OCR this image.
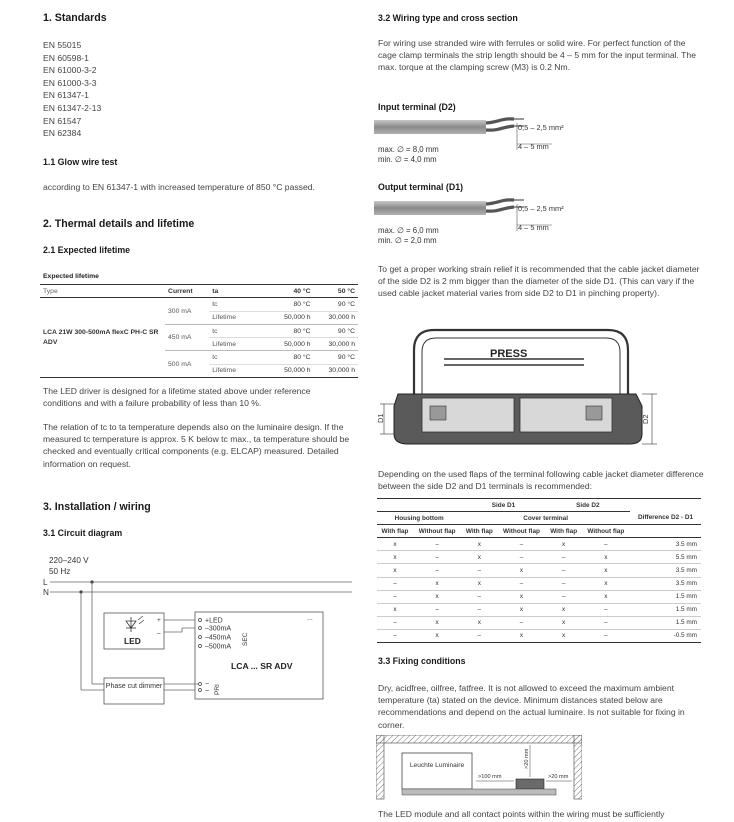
1. Standards
EN 55015
EN 60598-1
EN 61000-3-2
EN 61000-3-3
EN 61347-1
EN 61347-2-13
EN 61547
EN 62384
1.1 Glow wire test

according to EN 61347-1 with increased temperature of 850 °C passed.

2. Thermal details and lifetime
2.1 Expected lifetime
Expected lifetime
Type	Current	ta	40 °C	50 °C
LCA 21W 300-500mA flexC PH-C SR ADV	300 mA	tc	80 °C	90 °C
		Lifetime	50,000 h	30,000 h
	450 mA	tc	80 °C	90 °C
		Lifetime	50,000 h	30,000 h
	500 mA	tc	80 °C	90 °C
		Lifetime	50,000 h	30,000 h

The LED driver is designed for a lifetime stated above under reference conditions and with a failure probability of less than 10 %.

The relation of tc to ta temperature depends also on the luminaire design. If the measured tc temperature is approx. 5 K below tc max., ta temperature should be checked and eventually critical components (e.g. ELCAP) measured. Detailed information on request.

3. Installation / wiring
3.1 Circuit diagram
220–240 V
50 Hz
L
N
LED
+
–
...
+LED
–300mA
–450mA
–500mA
SEC
LCA ... SR ADV
~
~ PRI
Phase cut dimmer
3.2 Wiring type and cross section

For wiring use stranded wire with ferrules or solid wire. For perfect function of the cage clamp terminals the strip length should be 4 – 5 mm for the input terminal. The max. torque at the clamping screw (M3) is 0.2 Nm.

Input terminal (D2)
0,5 – 2,5 mm²
4 – 5 mm
max. ∅ = 8,0 mm
min. ∅ = 4,0 mm
Output terminal (D1)
0,5 – 2,5 mm²
4 – 5 mm
max. ∅ = 6,0 mm
min. ∅ = 2,0 mm

To get a proper working strain relief it is recommended that the cable jacket diameter of the side D2 is 2 mm bigger than the diameter of the side D1. (This can vary if the used cable jacket material varies from side D2 to D1 in pinching property).

PRESS
D1	D2

Depending on the used flaps of the terminal following cable jacket diameter difference between the side D2 and D1 terminals is recommended:

		Side D1		Side D2		
Housing bottom		Cover terminal				Difference D2 - D1
With flap	Without flap	With flap	Without flap	With flap	Without flap	
x	–	x	–	x	–	3.5 mm
x	–	x	–	–	x	5.5 mm
x	–	–	x	–	x	3.5 mm
–	x	x	–	–	x	3.5 mm
–	x	–	x	–	x	1.5 mm
x	–	–	x	x	–	1.5 mm
–	x	x	–	x	–	1.5 mm
–	x	–	x	x	–	-0.5 mm
3.3 Fixing conditions

Dry, acidfree, oilfree, fatfree. It is not allowed to exceed the maximum ambient temperature (ta) stated on the device. Minimum distances stated below are recommendations and depend on the actual luminaire. Is not suitable for fixing in corner.

Leuchte Luminaire
>100 mm
>20 mm
>20 mm

The LED module and all contact points within the wiring must be sufficiently
